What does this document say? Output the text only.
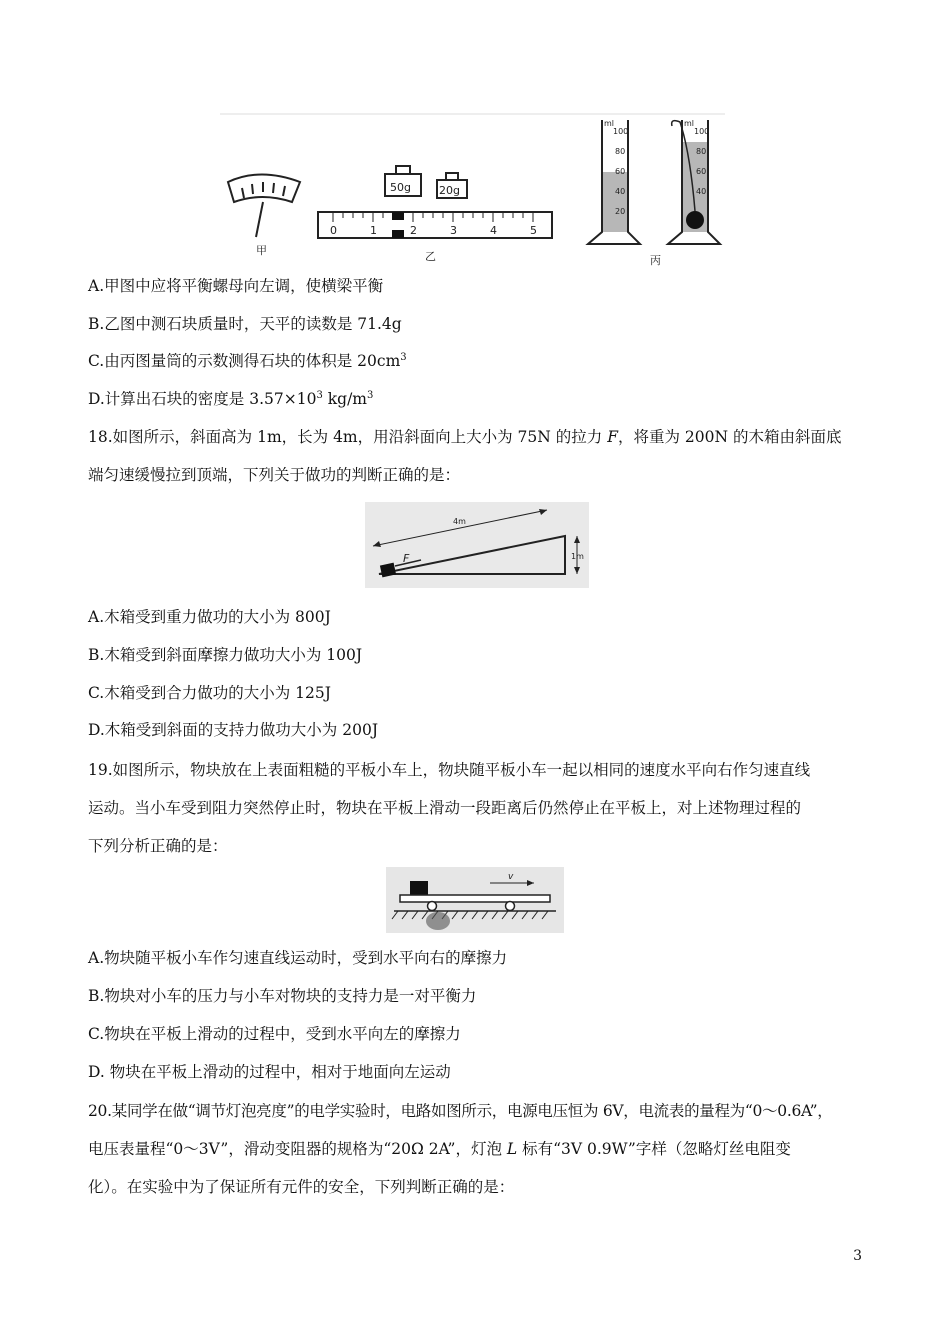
甲
50g	20g
0	1	2	3	4	5
乙
ml
100
80
60
40
20
ml
100
80
60
40
丙
A.甲图中应将平衡螺母向左调，使横梁平衡
B.乙图中测石块质量时，天平的读数是 71.4g
C.由丙图量筒的示数测得石块的体积是 $20cm^3$
D.计算出石块的密度是 $3.57\times 10^3$ $kg/m^3$
18.如图所示，斜面高为 1m，长为 4m，用沿斜面向上大小为 75N 的拉力 F，将重为 200N 的木箱由斜面底
端匀速缓慢拉到顶端，下列关于做功的判断正确的是：
4m
1m
F
A.木箱受到重力做功的大小为 800J
B.木箱受到斜面摩擦力做功大小为 100J
C.木箱受到合力做功的大小为 125J
D.木箱受到斜面的支持力做功大小为 200J
19.如图所示，物块放在上表面粗糙的平板小车上，物块随平板小车一起以相同的速度水平向右作匀速直线
运动。当小车受到阻力突然停止时，物块在平板上滑动一段距离后仍然停止在平板上，对上述物理过程的
下列分析正确的是：
v
A.物块随平板小车作匀速直线运动时，受到水平向右的摩擦力
B.物块对小车的压力与小车对物块的支持力是一对平衡力
C.物块在平板上滑动的过程中，受到水平向左的摩擦力
D. 物块在平板上滑动的过程中，相对于地面向左运动
20.某同学在做“调节灯泡亮度”的电学实验时，电路如图所示，电源电压恒为 6V，电流表的量程为“0～0.6A”，
电压表量程“0～3V”，滑动变阻器的规格为“20Ω 2A”，灯泡 L 标有“3V 0.9W”字样（忽略灯丝电阻变
化）。在实验中为了保证所有元件的安全，下列判断正确的是：
3
